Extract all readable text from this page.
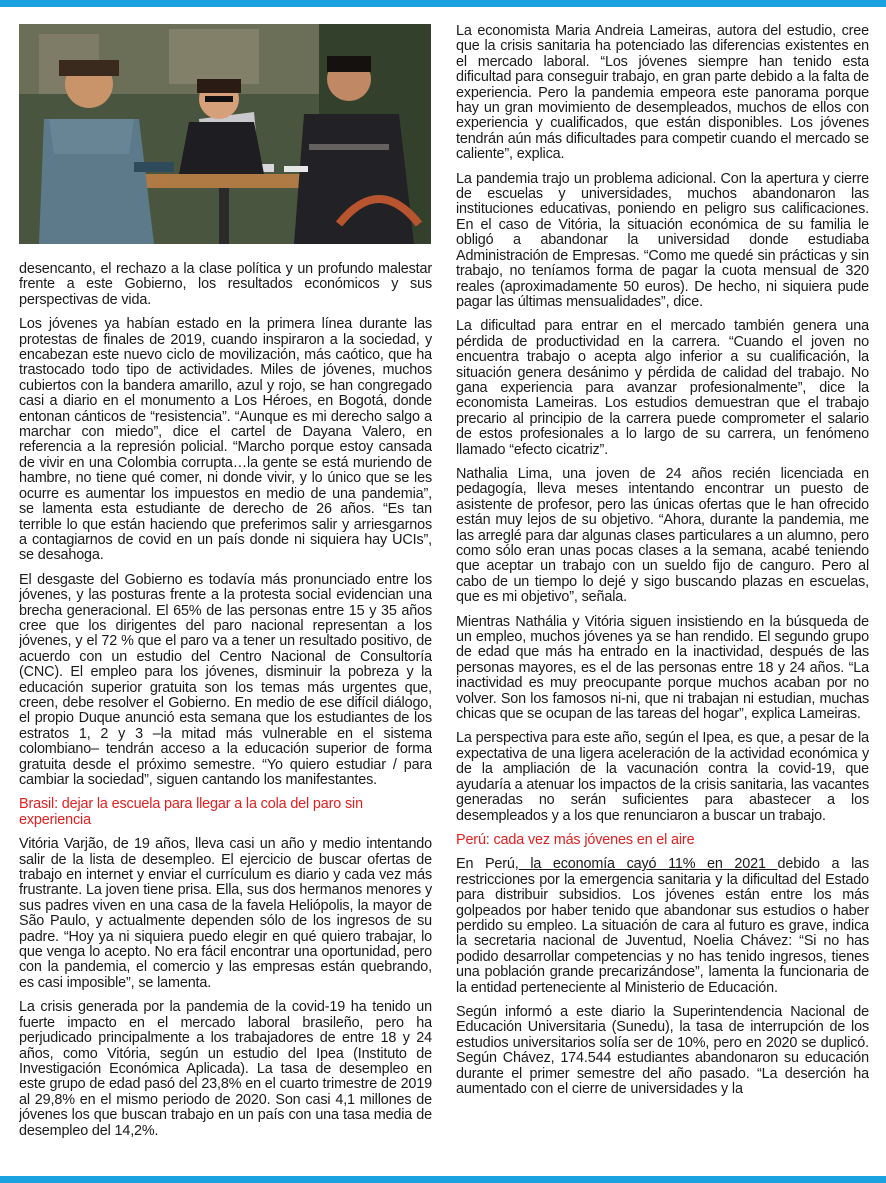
desencanto, el rechazo a la clase política y un profundo malestar frente a este Gobierno, los resultados económicos y sus perspectivas de vida.

Los jóvenes ya habían estado en la primera línea durante las protestas de finales de 2019, cuando inspiraron a la sociedad, y encabezan este nuevo ciclo de movilización, más caótico, que ha trastocado todo tipo de actividades. Miles de jóvenes, muchos cubiertos con la bandera amarillo, azul y rojo, se han congregado casi a diario en el monumento a Los Héroes, en Bogotá, donde entonan cánticos de “resistencia”. “Aunque es mi derecho salgo a marchar con miedo”, dice el cartel de Dayana Valero, en referencia a la represión policial. “Marcho porque estoy cansada de vivir en una Colombia corrupta…la gente se está muriendo de hambre, no tiene qué comer, ni donde vivir, y lo único que se les ocurre es aumentar los impuestos en medio de una pandemia”, se lamenta esta estudiante de derecho de 26 años. “Es tan terrible lo que están haciendo que preferimos salir y arriesgarnos a contagiarnos de covid en un país donde ni siquiera hay UCIs”, se desahoga.

El desgaste del Gobierno es todavía más pronunciado entre los jóvenes, y las posturas frente a la protesta social evidencian una brecha generacional. El 65% de las personas entre 15 y 35 años cree que los dirigentes del paro nacional representan a los jóvenes, y el 72 % que el paro va a tener un resultado positivo, de acuerdo con un estudio del Centro Nacional de Consultoría (CNC). El empleo para los jóvenes, disminuir la pobreza y la educación superior gratuita son los temas más urgentes que, creen, debe resolver el Gobierno. En medio de ese difícil diálogo, el propio Duque anunció esta semana que los estudiantes de los estratos 1, 2 y 3 –la mitad más vulnerable en el sistema colombiano– tendrán acceso a la educación superior de forma gratuita desde el próximo semestre. “Yo quiero estudiar / para cambiar la sociedad”, siguen cantando los manifestantes.

Brasil: dejar la escuela para llegar a la cola del paro sin experiencia

Vitória Varjão, de 19 años, lleva casi un año y medio intentando salir de la lista de desempleo. El ejercicio de buscar ofertas de trabajo en internet y enviar el currículum es diario y cada vez más frustrante. La joven tiene prisa. Ella, sus dos hermanos menores y sus padres viven en una casa de la favela Heliópolis, la mayor de São Paulo, y actualmente dependen sólo de los ingresos de su padre. “Hoy ya ni siquiera puedo elegir en qué quiero trabajar, lo que venga lo acepto. No era fácil encontrar una oportunidad, pero con la pandemia, el comercio y las empresas están quebrando, es casi imposible”, se lamenta.

La crisis generada por la pandemia de la covid-19 ha tenido un fuerte impacto en el mercado laboral brasileño, pero ha perjudicado principalmente a los trabajadores de entre 18 y 24 años, como Vitória, según un estudio del Ipea (Instituto de Investigación Económica Aplicada). La tasa de desempleo en este grupo de edad pasó del 23,8% en el cuarto trimestre de 2019 al 29,8% en el mismo periodo de 2020. Son casi 4,1 millones de jóvenes los que buscan trabajo en un país con una tasa media de desempleo del 14,2%.

La economista Maria Andreia Lameiras, autora del estudio, cree que la crisis sanitaria ha potenciado las diferencias existentes en el mercado laboral. “Los jóvenes siempre han tenido esta dificultad para conseguir trabajo, en gran parte debido a la falta de experiencia. Pero la pandemia empeora este panorama porque hay un gran movimiento de desempleados, muchos de ellos con experiencia y cualificados, que están disponibles. Los jóvenes tendrán aún más dificultades para competir cuando el mercado se caliente”, explica.

La pandemia trajo un problema adicional. Con la apertura y cierre de escuelas y universidades, muchos abandonaron las instituciones educativas, poniendo en peligro sus calificaciones. En el caso de Vitória, la situación económica de su familia le obligó a abandonar la universidad donde estudiaba Administración de Empresas. “Como me quedé sin prácticas y sin trabajo, no teníamos forma de pagar la cuota mensual de 320 reales (aproximadamente 50 euros). De hecho, ni siquiera pude pagar las últimas mensualidades”, dice.

La dificultad para entrar en el mercado también genera una pérdida de productividad en la carrera. “Cuando el joven no encuentra trabajo o acepta algo inferior a su cualificación, la situación genera desánimo y pérdida de calidad del trabajo. No gana experiencia para avanzar profesionalmente”, dice la economista Lameiras. Los estudios demuestran que el trabajo precario al principio de la carrera puede comprometer el salario de estos profesionales a lo largo de su carrera, un fenómeno llamado “efecto cicatriz”.

Nathalia Lima, una joven de 24 años recién licenciada en pedagogía, lleva meses intentando encontrar un puesto de asistente de profesor, pero las únicas ofertas que le han ofrecido están muy lejos de su objetivo. “Ahora, durante la pandemia, me las arreglé para dar algunas clases particulares a un alumno, pero como sólo eran unas pocas clases a la semana, acabé teniendo que aceptar un trabajo con un sueldo fijo de canguro. Pero al cabo de un tiempo lo dejé y sigo buscando plazas en escuelas, que es mi objetivo”, señala.

Mientras Nathália y Vitória siguen insistiendo en la búsqueda de un empleo, muchos jóvenes ya se han rendido. El segundo grupo de edad que más ha entrado en la inactividad, después de las personas mayores, es el de las personas entre 18 y 24 años. “La inactividad es muy preocupante porque muchos acaban por no volver. Son los famosos ni-ni, que ni trabajan ni estudian, muchas chicas que se ocupan de las tareas del hogar”, explica Lameiras.

La perspectiva para este año, según el Ipea, es que, a pesar de la expectativa de una ligera aceleración de la actividad económica y de la ampliación de la vacunación contra la covid-19, que ayudaría a atenuar los impactos de la crisis sanitaria, las vacantes generadas no serán suficientes para abastecer a los desempleados y a los que renunciaron a buscar un trabajo.

Perú: cada vez más jóvenes en el aire

En Perú, la economía cayó 11% en 2021 debido a las restricciones por la emergencia sanitaria y la dificultad del Estado para distribuir subsidios. Los jóvenes están entre los más golpeados por haber tenido que abandonar sus estudios o haber perdido su empleo. La situación de cara al futuro es grave, indica la secretaria nacional de Juventud, Noelia Chávez: “Si no has podido desarrollar competencias y no has tenido ingresos, tienes una población grande precarizándose”, lamenta la funcionaria de la entidad perteneciente al Ministerio de Educación.

Según informó a este diario la Superintendencia Nacional de Educación Universitaria (Sunedu), la tasa de interrupción de los estudios universitarios solía ser de 10%, pero en 2020 se duplicó. Según Chávez, 174.544 estudiantes abandonaron su educación durante el primer semestre del año pasado. “La deserción ha aumentado con el cierre de universidades y la
